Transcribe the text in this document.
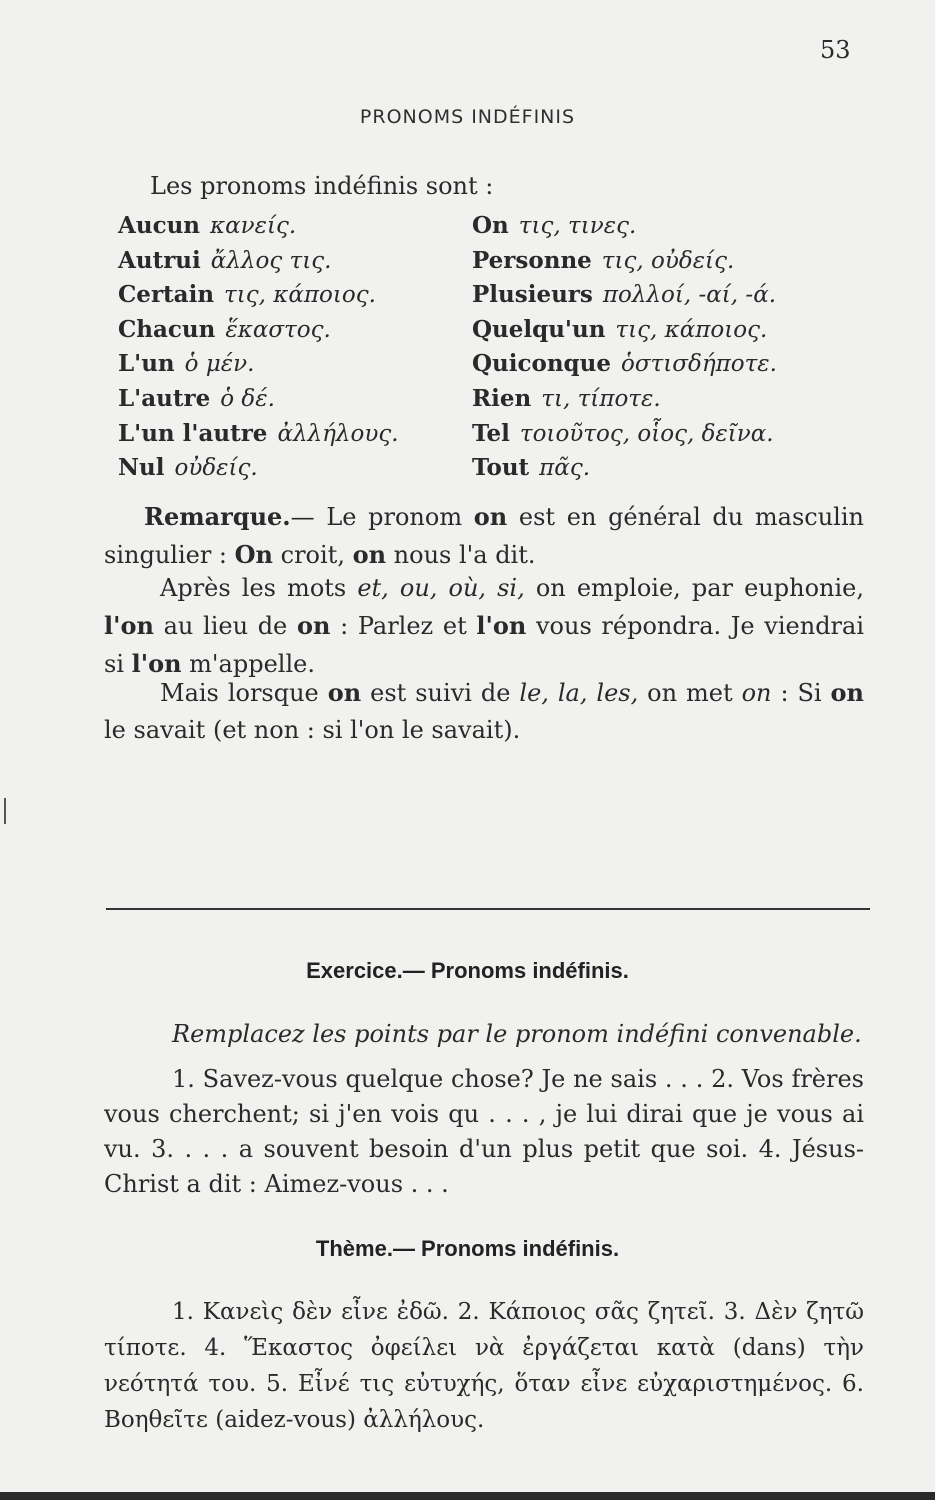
53
PRONOMS INDÉFINIS
Les pronoms indéfinis sont :
Aucun κανείς.
Autrui ἄλλος τις.
Certain τις, κάποιος.
Chacun ἕκαστος.
L'un ὁ μέν.
L'autre ὁ δέ.
L'un l'autre ἀλλήλους.
Nul οὐδείς.
On τις, τινες.
Personne τις, οὐδείς.
Plusieurs πολλοί, -αί, -ά.
Quelqu'un τις, κάποιος.
Quiconque ὁστισδήποτε.
Rien τι, τίποτε.
Tel τοιοῦτος, οἷος, δεῖνα.
Tout πᾶς.

Remarque.— Le pronom on est en général du masculin singulier : On croit, on nous l'a dit.

Après les mots et, ou, où, si, on emploie, par euphonie, l'on au lieu de on : Parlez et l'on vous répondra. Je viendrai si l'on m'appelle.

Mais lorsque on est suivi de le, la, les, on met on : Si on le savait (et non : si l'on le savait).

Exercice.— Pronoms indéfinis.
Remplacez les points par le pronom indéfini convenable.

1. Savez-vous quelque chose? Je ne sais . . . 2. Vos frères vous cherchent; si j'en vois qu . . . , je lui dirai que je vous ai vu. 3. . . . a souvent besoin d'un plus petit que soi. 4. Jésus-Christ a dit : Aimez-vous . . .

Thème.— Pronoms indéfinis.

1. Κανεὶς δὲν εἶνε ἐδῶ. 2. Κάποιος σᾶς ζητεῖ. 3. Δὲν ζητῶ τίποτε. 4. Ἕκαστος ὀφείλει νὰ ἐργάζεται κατὰ (dans) τὴν νεότητά του. 5. Εἶνέ τις εὐτυχής, ὅταν εἶνε εὐχαριστημένος. 6. Βοηθεῖτε (aidez-vous) ἀλλήλους.
